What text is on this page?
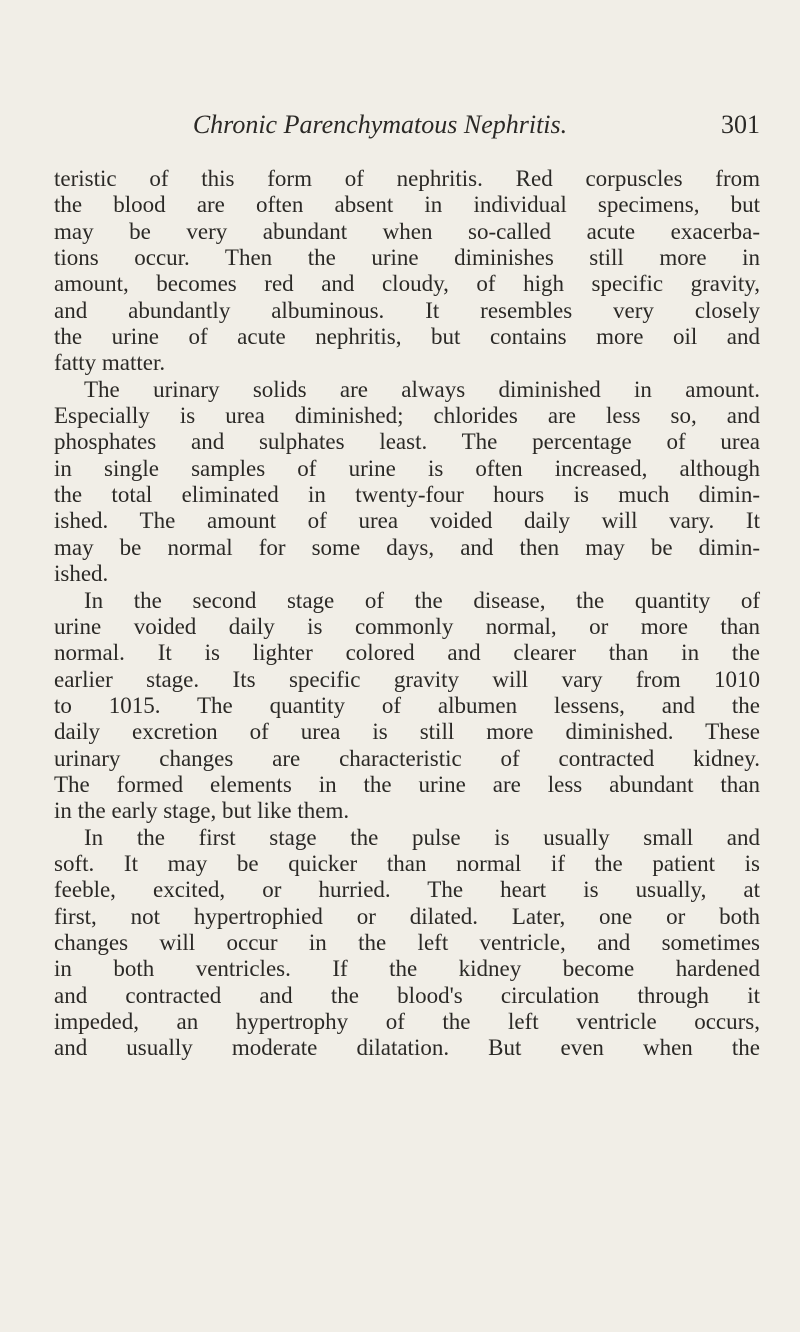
Chronic Parenchymatous Nephritis.	301
teristic of this form of nephritis. Red corpuscles from
the blood are often absent in individual specimens, but
may be very abundant when so-called acute exacerba-
tions occur. Then the urine diminishes still more in
amount, becomes red and cloudy, of high specific gravity,
and abundantly albuminous. It resembles very closely
the urine of acute nephritis, but contains more oil and
fatty matter.
The urinary solids are always diminished in amount.
Especially is urea diminished; chlorides are less so, and
phosphates and sulphates least. The percentage of urea
in single samples of urine is often increased, although
the total eliminated in twenty-four hours is much dimin-
ished. The amount of urea voided daily will vary. It
may be normal for some days, and then may be dimin-
ished.
In the second stage of the disease, the quantity of
urine voided daily is commonly normal, or more than
normal. It is lighter colored and clearer than in the
earlier stage. Its specific gravity will vary from 1010
to 1015. The quantity of albumen lessens, and the
daily excretion of urea is still more diminished. These
urinary changes are characteristic of contracted kidney.
The formed elements in the urine are less abundant than
in the early stage, but like them.
In the first stage the pulse is usually small and
soft. It may be quicker than normal if the patient is
feeble, excited, or hurried. The heart is usually, at
first, not hypertrophied or dilated. Later, one or both
changes will occur in the left ventricle, and sometimes
in both ventricles. If the kidney become hardened
and contracted and the blood's circulation through it
impeded, an hypertrophy of the left ventricle occurs,
and usually moderate dilatation. But even when the
